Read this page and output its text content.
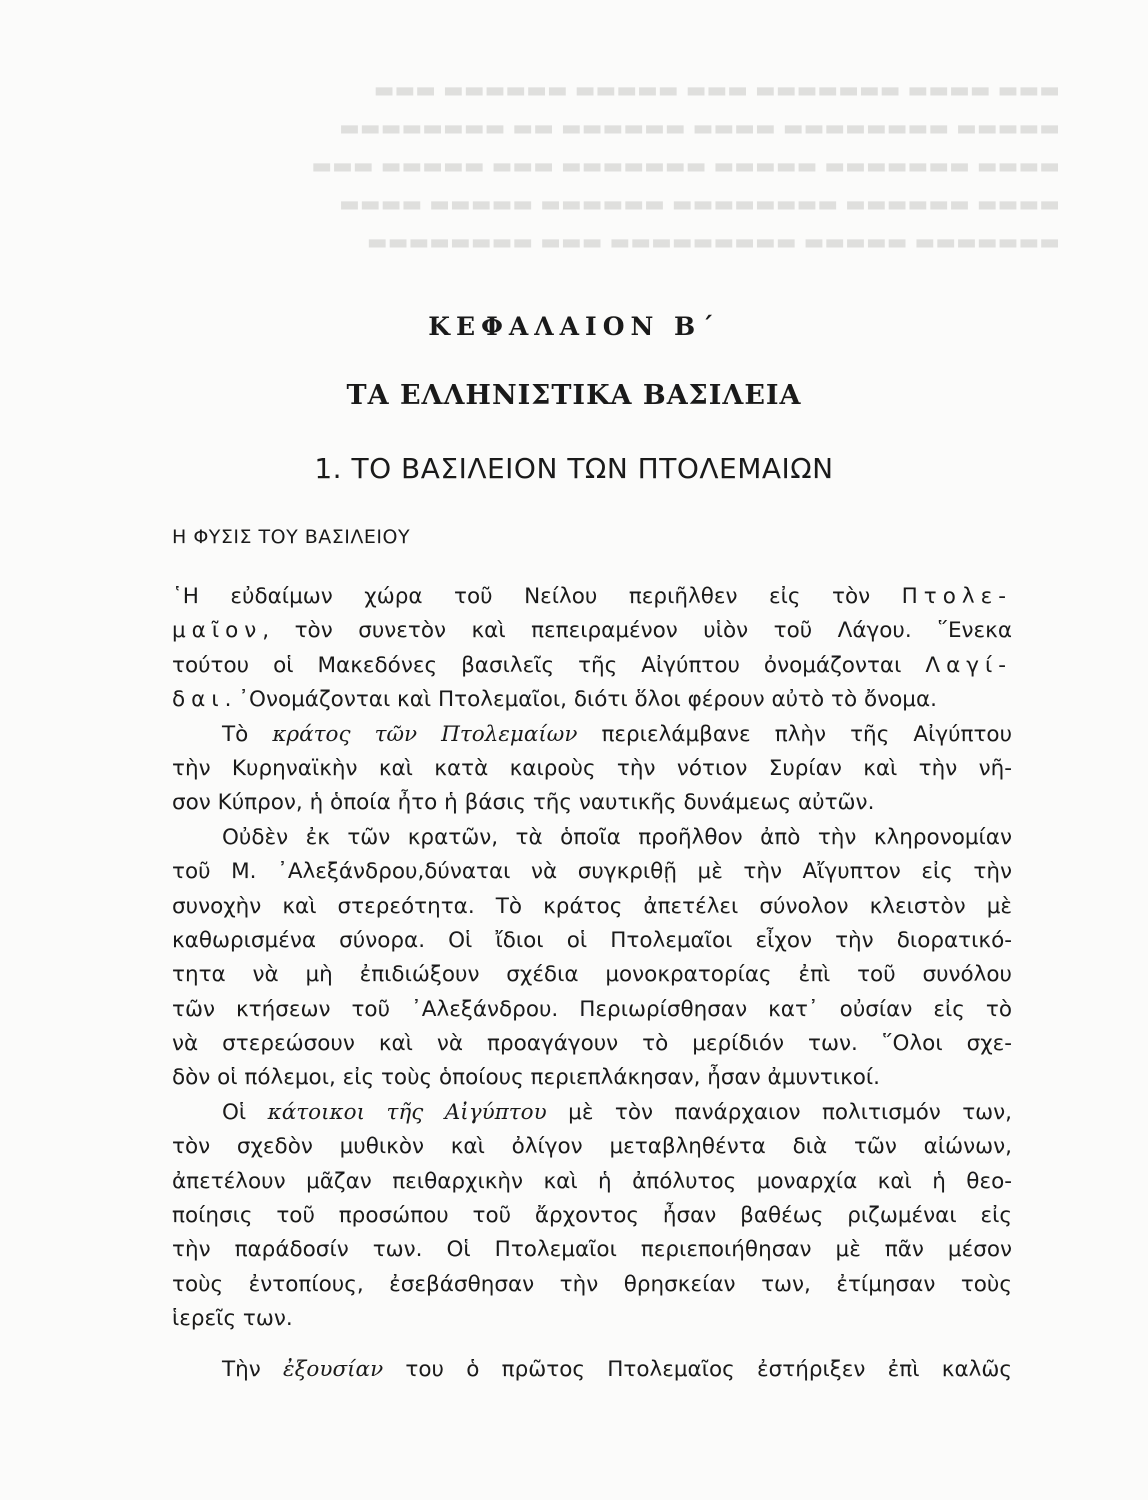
▬▬▬ ▬▬▬▬ ▬▬▬▬▬▬▬ ▬▬▬ ▬▬▬▬▬ ▬▬▬▬▬▬ ▬▬▬
▬▬▬▬▬ ▬▬▬▬▬▬▬▬ ▬▬▬▬ ▬▬▬▬▬▬ ▬▬ ▬▬▬▬▬▬▬▬
▬▬▬▬ ▬▬▬▬▬▬▬ ▬▬▬▬▬ ▬▬▬▬▬▬▬ ▬▬▬ ▬▬▬▬▬ ▬▬▬
▬▬▬▬ ▬▬▬▬▬▬ ▬▬▬▬▬▬▬▬ ▬▬▬▬▬▬ ▬▬▬▬▬ ▬▬▬▬
▬▬▬▬▬▬▬ ▬▬▬▬▬ ▬▬▬▬▬▬▬▬▬ ▬▬▬ ▬▬▬▬▬▬▬▬
ΚΕΦΑΛΑΙΟΝ Β΄
ΤΑ ΕΛΛΗΝΙΣΤΙΚΑ ΒΑΣΙΛΕΙΑ
1. ΤΟ ΒΑΣΙΛΕΙΟΝ ΤΩΝ ΠΤΟΛΕΜΑΙΩΝ
Η ΦΥΣΙΣ ΤΟΥ ΒΑΣΙΛΕΙΟΥ
῾Η εὐδαίμων χώρα τοῦ Νείλου περιῆλθεν εἰς τὸν Πτολε-
μαῖον, τὸν συνετὸν καὶ πεπειραμένον υἱὸν τοῦ Λάγου. ῞Ενεκα
τούτου οἱ Μακεδόνες βασιλεῖς τῆς Αἰγύπτου ὀνομάζονται Λαγί-
δαι. ᾿Ονομάζονται καὶ Πτολεμαῖοι, διότι ὅλοι φέρουν αὐτὸ τὸ ὄνομα.
Τὸ κράτος τῶν Πτολεμαίων περιελάμβανε πλὴν τῆς Αἰγύπτου
τὴν Κυρηναϊκὴν καὶ κατὰ καιροὺς τὴν νότιον Συρίαν καὶ τὴν νῆ-
σον Κύπρον, ἡ ὁποία ἦτο ἡ βάσις τῆς ναυτικῆς δυνάμεως αὐτῶν.
Οὐδὲν ἐκ τῶν κρατῶν, τὰ ὁποῖα προῆλθον ἀπὸ τὴν κληρονομίαν
τοῦ Μ. ᾿Αλεξάνδρου,δύναται νὰ συγκριθῇ μὲ τὴν Αἴγυπτον εἰς τὴν
συνοχὴν καὶ στερεότητα. Τὸ κράτος ἀπετέλει σύνολον κλειστὸν μὲ
καθωρισμένα σύνορα. Οἱ ἴδιοι οἱ Πτολεμαῖοι εἶχον τὴν διορατικό-
τητα νὰ μὴ ἐπιδιώξουν σχέδια μονοκρατορίας ἐπὶ τοῦ συνόλου
τῶν κτήσεων τοῦ ᾿Αλεξάνδρου. Περιωρίσθησαν κατ᾿ οὐσίαν εἰς τὸ
νὰ στερεώσουν καὶ νὰ προαγάγουν τὸ μερίδιόν των. ῞Ολοι σχε-
δὸν οἱ πόλεμοι, εἰς τοὺς ὁποίους περιεπλάκησαν, ἦσαν ἀμυντικοί.
Οἱ κάτοικοι τῆς Αἰγύπτου μὲ τὸν πανάρχαιον πολιτισμόν των,
τὸν σχεδὸν μυθικὸν καὶ ὀλίγον μεταβληθέντα διὰ τῶν αἰώνων,
ἀπετέλουν μᾶζαν πειθαρχικὴν καὶ ἡ ἀπόλυτος μοναρχία καὶ ἡ θεο-
ποίησις τοῦ προσώπου τοῦ ἄρχοντος ἦσαν βαθέως ριζωμέναι εἰς
τὴν παράδοσίν των. Οἱ Πτολεμαῖοι περιεποιήθησαν μὲ πᾶν μέσον
τοὺς ἐντοπίους, ἐσεβάσθησαν τὴν θρησκείαν των, ἐτίμησαν τοὺς
ἱερεῖς των.
Τὴν ἐξουσίαν του ὁ πρῶτος Πτολεμαῖος ἐστήριξεν ἐπὶ καλῶς
